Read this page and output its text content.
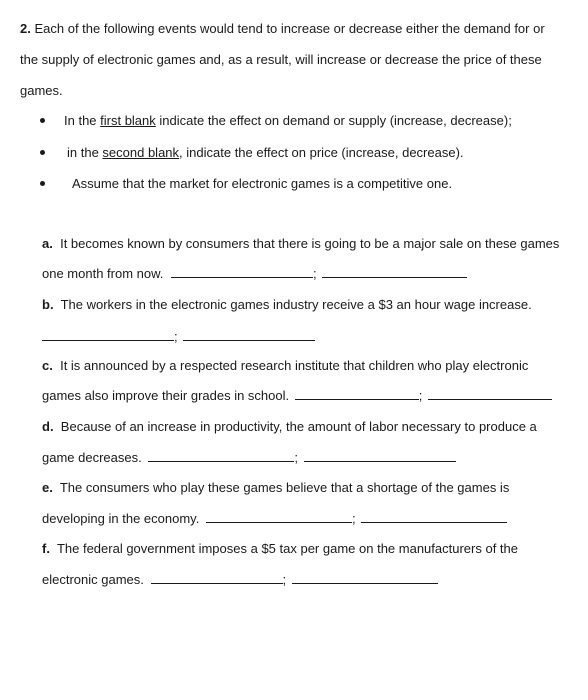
2. Each of the following events would tend to increase or decrease either the demand for or
the supply of electronic games and, as a result, will increase or decrease the price of these
games.
In the first blank indicate the effect on demand or supply (increase, decrease);
in the second blank, indicate the effect on price (increase, decrease).
Assume that the market for electronic games is a competitive one.
a. It becomes known by consumers that there is going to be a major sale on these games
one month from now.	;
b. The workers in the electronic games industry receive a $3 an hour wage increase.
;
c. It is announced by a respected research institute that children who play electronic
games also improve their grades in school.	;
d. Because of an increase in productivity, the amount of labor necessary to produce a
game decreases.	;
e. The consumers who play these games believe that a shortage of the games is
developing in the economy.	;
f. The federal government imposes a $5 tax per game on the manufacturers of the
electronic games.	;
